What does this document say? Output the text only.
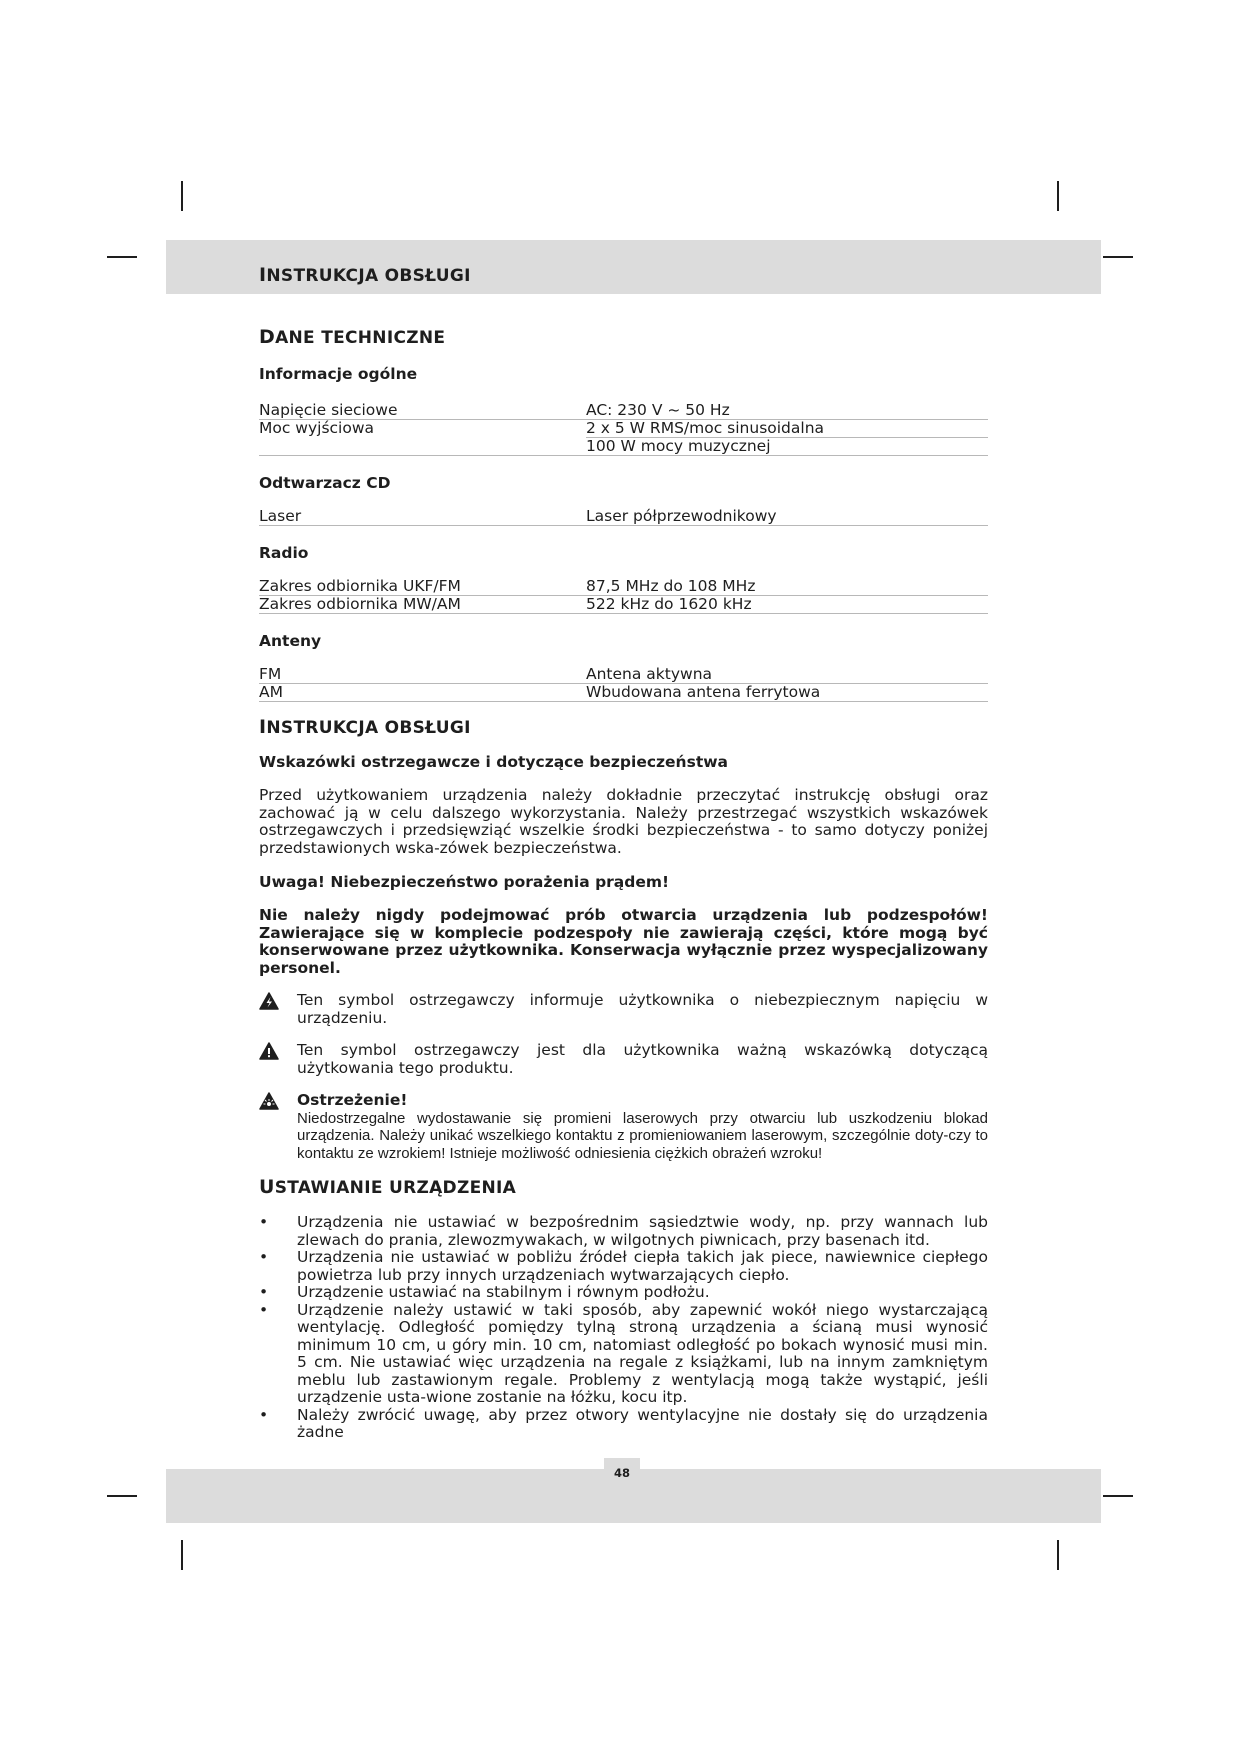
INSTRUKCJA OBSŁUGI
48
DANE TECHNICZNE

Informacje ogólne

Napięcie sieciowe	AC: 230 V ~ 50 Hz
Moc wyjściowa	2 x 5 W RMS/moc sinusoidalna
100 W mocy muzycznej

Odtwarzacz CD

Laser	Laser półprzewodnikowy

Radio

Zakres odbiornika UKF/FM	87,5 MHz do 108 MHz
Zakres odbiornika MW/AM	522 kHz do 1620 kHz

Anteny

FM	Antena aktywna
AM	Wbudowana antena ferrytowa
INSTRUKCJA OBSŁUGI

Wskazówki ostrzegawcze i dotyczące bezpieczeństwa

Przed użytkowaniem urządzenia należy dokładnie przeczytać instrukcję obsługi oraz zachować ją w celu dalszego wykorzystania. Należy przestrzegać wszystkich wskazówek ostrzegawczych i przedsięwziąć wszelkie środki bezpieczeństwa - to samo dotyczy poniżej przedstawionych wska-zówek bezpieczeństwa.

Uwaga! Niebezpieczeństwo porażenia prądem!

Nie należy nigdy podejmować prób otwarcia urządzenia lub podzespołów! Zawierające się w komplecie podzespoły nie zawierają części, które mogą być konserwowane przez użytkownika. Konserwacja wyłącznie przez wyspecjalizowany personel.

Ten symbol ostrzegawczy informuje użytkownika o niebezpiecznym napięciu w urządzeniu.

Ten symbol ostrzegawczy jest dla użytkownika ważną wskazówką dotyczącą użytkowania tego produktu.

Ostrzeżenie!

Niedostrzegalne wydostawanie się promieni laserowych przy otwarciu lub uszkodzeniu blokad urządzenia. Należy unikać wszelkiego kontaktu z promieniowaniem laserowym, szczególnie doty-czy to kontaktu ze wzrokiem! Istnieje możliwość odniesienia ciężkich obrażeń wzroku!

USTAWIANIE URZĄDZENIA
• Urządzenia nie ustawiać w bezpośrednim sąsiedztwie wody, np. przy wannach lub zlewach do prania, zlewozmywakach, w wilgotnych piwnicach, przy basenach itd.
• Urządzenia nie ustawiać w pobliżu źródeł ciepła takich jak piece, nawiewnice ciepłego powietrza lub przy innych urządzeniach wytwarzających ciepło.
• Urządzenie ustawiać na stabilnym i równym podłożu.
• Urządzenie należy ustawić w taki sposób, aby zapewnić wokół niego wystarczającą wentylację. Odległość pomiędzy tylną stroną urządzenia a ścianą musi wynosić minimum 10 cm, u góry min. 10 cm, natomiast odległość po bokach wynosić musi min. 5 cm. Nie ustawiać więc urządzenia na regale z książkami, lub na innym zamkniętym meblu lub zastawionym regale. Problemy z wentylacją mogą także wystąpić, jeśli urządzenie usta-wione zostanie na łóżku, kocu itp.
• Należy zwrócić uwagę, aby przez otwory wentylacyjne nie dostały się do urządzenia żadne
